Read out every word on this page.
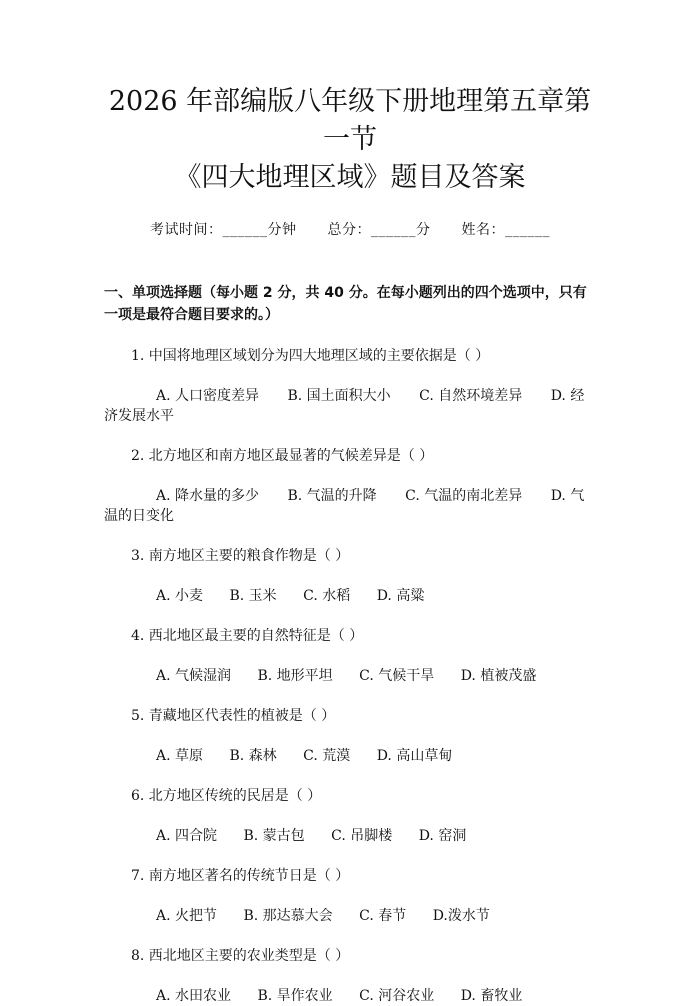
2026 年部编版八年级下册地理第五章第一节
《四大地理区域》题目及答案
考试时间：______分钟 总分：______分 姓名：______
一、单项选择题（每小题 2 分，共 40 分。在每小题列出的四个选项中，只有一项是最符合题目要求的。）
1. 中国将地理区域划分为四大地理区域的主要依据是（ ）
A. 人口密度差异 B. 国土面积大小 C. 自然环境差异 D. 经济发展水平
2. 北方地区和南方地区最显著的气候差异是（ ）
A. 降水量的多少 B. 气温的升降 C. 气温的南北差异 D. 气温的日变化
3. 南方地区主要的粮食作物是（ ）
A. 小麦 B. 玉米 C. 水稻 D. 高粱
4. 西北地区最主要的自然特征是（ ）
A. 气候湿润 B. 地形平坦 C. 气候干旱 D. 植被茂盛
5. 青藏地区代表性的植被是（ ）
A. 草原 B. 森林 C. 荒漠 D. 高山草甸
6. 北方地区传统的民居是（ ）
A. 四合院 B. 蒙古包 C. 吊脚楼 D. 窑洞
7. 南方地区著名的传统节日是（ ）
A. 火把节 B. 那达慕大会 C. 春节 D.泼水节
8. 西北地区主要的农业类型是（ ）
A. 水田农业 B. 旱作农业 C. 河谷农业 D. 畜牧业
